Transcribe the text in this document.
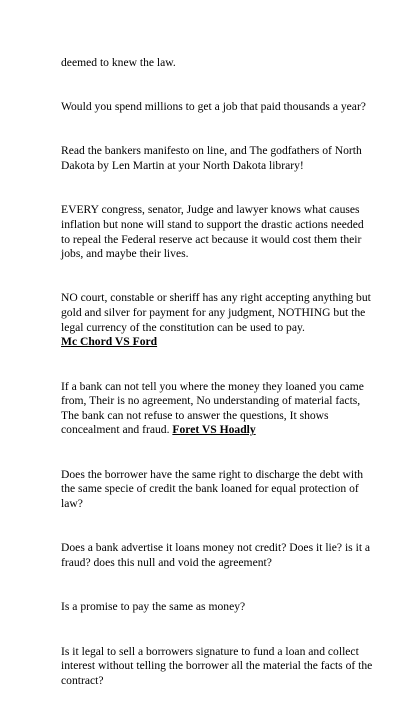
deemed to knew the law.

Would you spend millions to get a job that paid thousands a year?

Read the bankers manifesto on line, and The godfathers of North
Dakota by Len Martin at your North Dakota library!

EVERY congress, senator, Judge and lawyer knows what causes
inflation but none will stand to support the drastic actions needed
to repeal the Federal reserve act because it would cost them their
jobs, and maybe their lives.

NO court, constable or sheriff has any right accepting anything but
gold and silver for payment for any judgment, NOTHING but the
legal currency of the constitution can be used to pay.

Mc Chord VS Ford

If a bank can not tell you where the money they loaned you came
from, Their is no agreement, No understanding of material facts,
The bank can not refuse to answer the questions, It shows
concealment and fraud. Foret VS Hoadly

Does the borrower have the same right to discharge the debt with
the same specie of credit the bank loaned for equal protection of
law?

Does a bank advertise it loans money not credit? Does it lie? is it a
fraud? does this null and void the agreement?

Is a promise to pay the same as money?

Is it legal to sell a borrowers signature to fund a loan and collect
interest without telling the borrower all the material the facts of the
contract?
